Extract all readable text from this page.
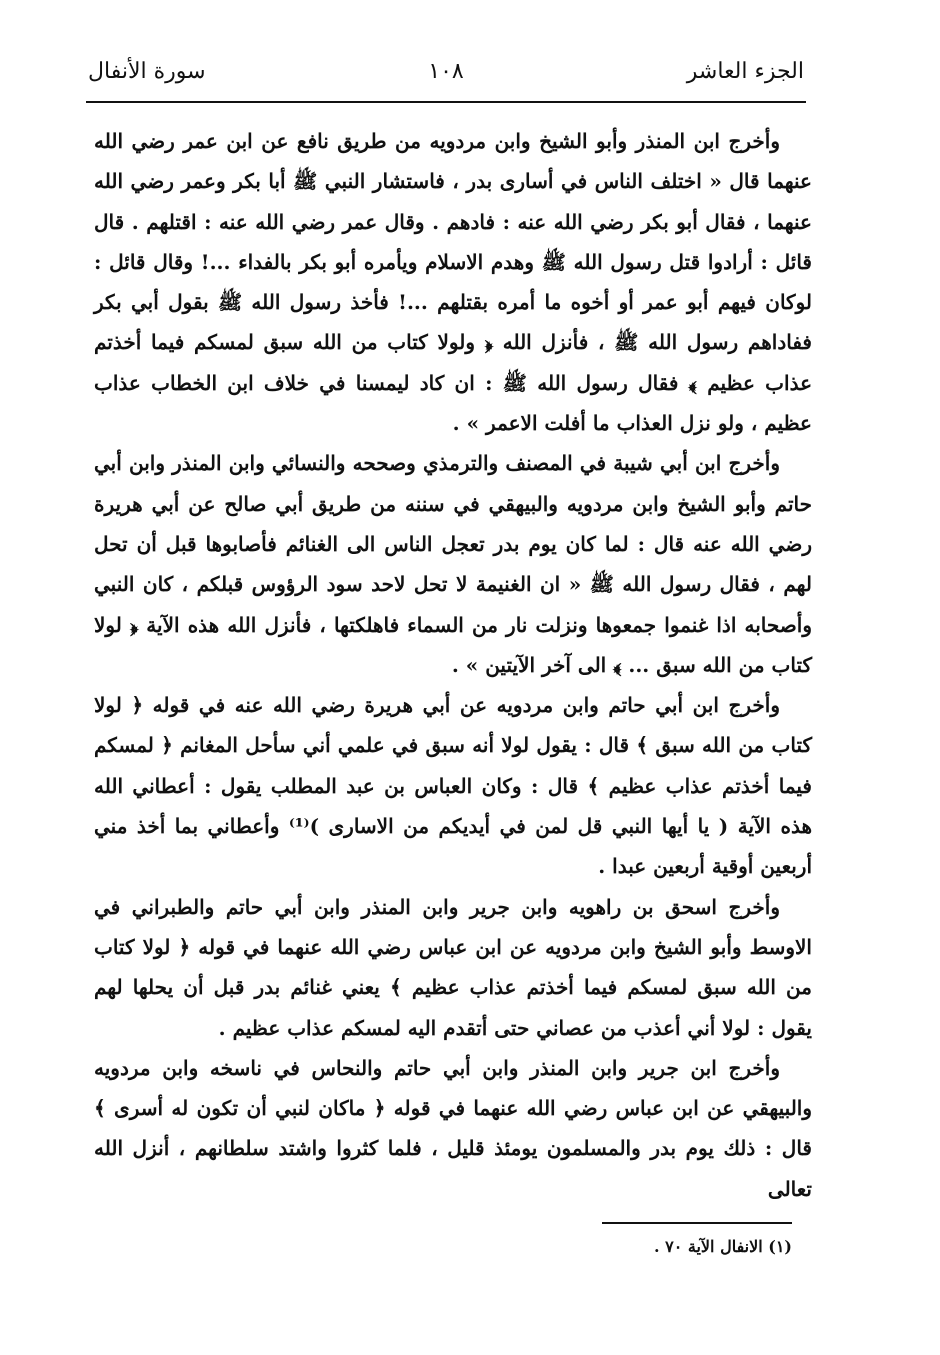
الجزء العاشر
١٠٨
سورة الأنفال

وأخرج ابن المنذر وأبو الشيخ وابن مردويه من طريق نافع عن ابن عمر رضي الله عنهما قال « اختلف الناس في أسارى بدر ، فاستشار النبي ﷺ أبا بكر وعمر رضي الله عنهما ، فقال أبو بكر رضي الله عنه : فادهم . وقال عمر رضي الله عنه : اقتلهم . قال قائل : أرادوا قتل رسول الله ﷺ وهدم الاسلام ويأمره أبو بكر بالفداء ...! وقال قائل : لوكان فيهم أبو عمر أو أخوه ما أمره بقتلهم ...! فأخذ رسول الله ﷺ بقول أبي بكر ففاداهم رسول الله ﷺ ، فأنزل الله ﴿ ولولا كتاب من الله سبق لمسكم فيما أخذتم عذاب عظيم ﴾ فقال رسول الله ﷺ : ان كاد ليمسنا في خلاف ابن الخطاب عذاب عظيم ، ولو نزل العذاب ما أفلت الاعمر » .

وأخرج ابن أبي شيبة في المصنف والترمذي وصححه والنسائي وابن المنذر وابن أبي حاتم وأبو الشيخ وابن مردويه والبيهقي في سننه من طريق أبي صالح عن أبي هريرة رضي الله عنه قال : لما كان يوم بدر تعجل الناس الى الغنائم فأصابوها قبل أن تحل لهم ، فقال رسول الله ﷺ « ان الغنيمة لا تحل لاحد سود الرؤوس قبلكم ، كان النبي وأصحابه اذا غنموا جمعوها ونزلت نار من السماء فاهلكتها ، فأنزل الله هذه الآية ﴿ لولا كتاب من الله سبق ... ﴾ الى آخر الآيتين » .

وأخرج ابن أبي حاتم وابن مردويه عن أبي هريرة رضي الله عنه في قوله ﴿ لولا كتاب من الله سبق ﴾ قال : يقول لولا أنه سبق في علمي أني سأحل المغانم ﴿ لمسكم فيما أخذتم عذاب عظيم ﴾ قال : وكان العباس بن عبد المطلب يقول : أعطاني الله هذه الآية ( يا أيها النبي قل لمن في أيديكم من الاسارى )⁽¹⁾ وأعطاني بما أخذ مني أربعين أوقية أربعين عبدا .

وأخرج اسحق بن راهويه وابن جرير وابن المنذر وابن أبي حاتم والطبراني في الاوسط وأبو الشيخ وابن مردويه عن ابن عباس رضي الله عنهما في قوله ﴿ لولا كتاب من الله سبق لمسكم فيما أخذتم عذاب عظيم ﴾ يعني غنائم بدر قبل أن يحلها لهم يقول : لولا أني أعذب من عصاني حتى أتقدم اليه لمسكم عذاب عظيم .

وأخرج ابن جرير وابن المنذر وابن أبي حاتم والنحاس في ناسخه وابن مردويه والبيهقي عن ابن عباس رضي الله عنهما في قوله ﴿ ماكان لنبي أن تكون له أسرى ﴾ قال : ذلك يوم بدر والمسلمون يومئذ قليل ، فلما كثروا واشتد سلطانهم ، أنزل الله تعالى

(١) الانفال الآية ٧٠ .
